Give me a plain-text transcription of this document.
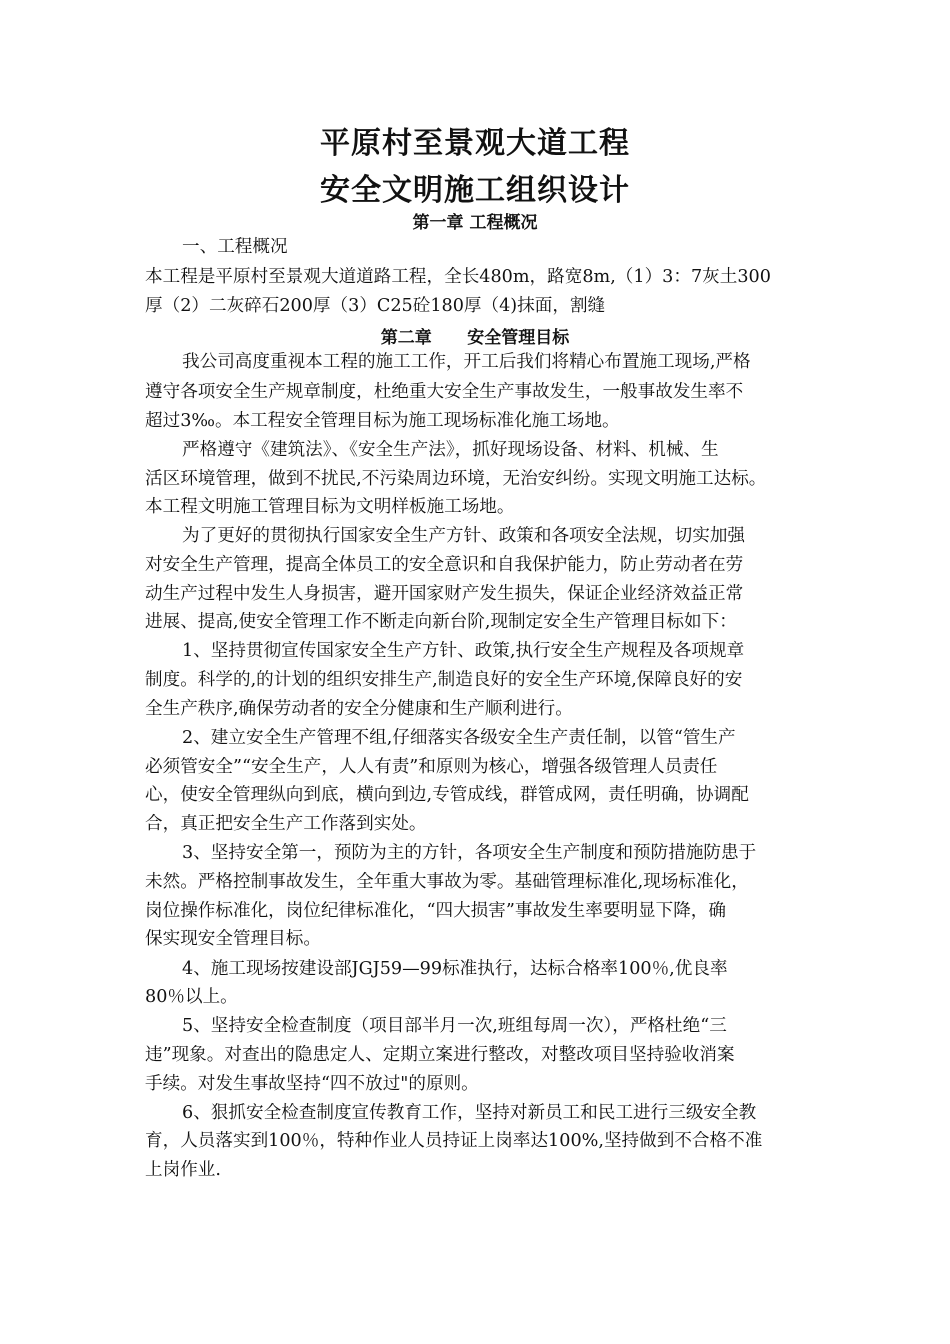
平原村至景观大道工程
安全文明施工组织设计
第一章 工程概况
一、工程概况
本工程是平原村至景观大道道路工程，全长480m，路宽8m,（1）3：7灰土300
厚（2）二灰碎石200厚（3）C25砼180厚（4)抹面，割缝
第二章      安全管理目标
我公司高度重视本工程的施工工作，开工后我们将精心布置施工现场,严格
遵守各项安全生产规章制度，杜绝重大安全生产事故发生，一般事故发生率不
超过3‰。本工程安全管理目标为施工现场标准化施工场地。
严格遵守《建筑法》、《安全生产法》，抓好现场设备、材料、机械、生
活区环境管理，做到不扰民,不污染周边环境，无治安纠纷。实现文明施工达标。
本工程文明施工管理目标为文明样板施工场地。
为了更好的贯彻执行国家安全生产方针、政策和各项安全法规，切实加强
对安全生产管理，提高全体员工的安全意识和自我保护能力，防止劳动者在劳
动生产过程中发生人身损害，避开国家财产发生损失，保证企业经济效益正常
进展、提高,使安全管理工作不断走向新台阶,现制定安全生产管理目标如下：
1、坚持贯彻宣传国家安全生产方针、政策,执行安全生产规程及各项规章
制度。科学的,的计划的组织安排生产,制造良好的安全生产环境,保障良好的安
全生产秩序,确保劳动者的安全分健康和生产顺利进行。
2、建立安全生产管理不组,仔细落实各级安全生产责任制，以管“管生产
必须管安全”“安全生产，人人有责”和原则为核心，增强各级管理人员责任
心，使安全管理纵向到底，横向到边,专管成线，群管成网，责任明确，协调配
合，真正把安全生产工作落到实处。
3、坚持安全第一，预防为主的方针，各项安全生产制度和预防措施防患于
未然。严格控制事故发生，全年重大事故为零。基础管理标准化,现场标准化，
岗位操作标准化，岗位纪律标准化，“四大损害”事故发生率要明显下降，确
保实现安全管理目标。
4、施工现场按建设部JGJ59—99标准执行，达标合格率100％,优良率
80％以上。
5、坚持安全检查制度（项目部半月一次,班组每周一次），严格杜绝“三
违”现象。对查出的隐患定人、定期立案进行整改，对整改项目坚持验收消案
手续。对发生事故坚持“四不放过"的原则。
6、狠抓安全检查制度宣传教育工作，坚持对新员工和民工进行三级安全教
育，人员落实到100％，特种作业人员持证上岗率达100%,坚持做到不合格不准
上岗作业.
